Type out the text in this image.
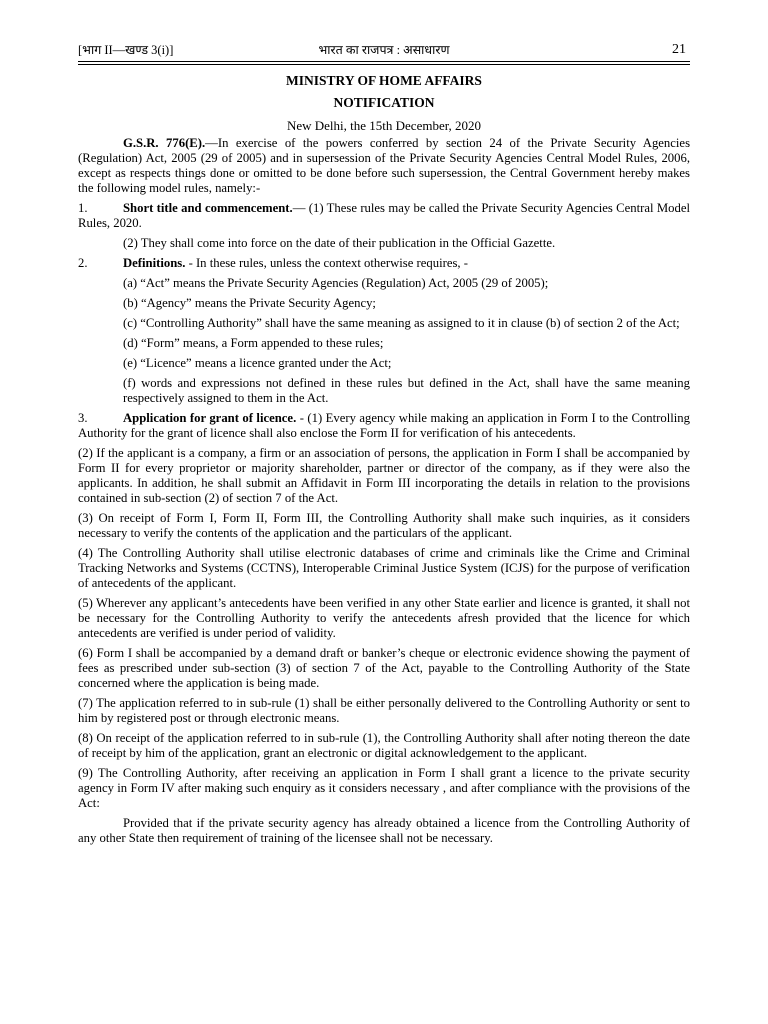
[भाग II—खण्ड 3(i)]	भारत का राजपत्र : असाधारण	21

MINISTRY OF HOME AFFAIRS

NOTIFICATION

New Delhi, the 15th December, 2020

G.S.R. 776(E).—In exercise of the powers conferred by section 24 of the Private Security Agencies (Regulation) Act, 2005 (29 of 2005) and in supersession of the Private Security Agencies Central Model Rules, 2006, except as respects things done or omitted to be done before such supersession, the Central Government hereby makes the following model rules, namely:-

1.	Short title and commencement.— (1) These rules may be called the Private Security Agencies Central Model Rules, 2020.

(2) They shall come into force on the date of their publication in the Official Gazette.

2.	Definitions. - In these rules, unless the context otherwise requires, -

(a) “Act” means the Private Security Agencies (Regulation) Act, 2005 (29 of 2005);

(b) “Agency” means the Private Security Agency;

(c) “Controlling Authority” shall have the same meaning as assigned to it in clause (b) of section 2 of the Act;

(d) “Form” means, a Form appended to these rules;

(e) “Licence” means a licence granted under the Act;

(f) words and expressions not defined in these rules but defined in the Act, shall have the same meaning respectively assigned to them in the Act.

3.	Application for grant of licence. - (1) Every agency while making an application in Form I to the Controlling Authority for the grant of licence shall also enclose the Form II for verification of his antecedents.

(2) If the applicant is a company, a firm or an association of persons, the application in Form I shall be accompanied by Form II for every proprietor or majority shareholder, partner or director of the company, as if they were also the applicants. In addition, he shall submit an Affidavit in Form III incorporating the details in relation to the provisions contained in sub-section (2) of section 7 of the Act.

(3) On receipt of Form I, Form II, Form III, the Controlling Authority shall make such inquiries, as it considers necessary to verify the contents of the application and the particulars of the applicant.

(4) The Controlling Authority shall utilise electronic databases of crime and criminals like the Crime and Criminal Tracking Networks and Systems (CCTNS), Interoperable Criminal Justice System (ICJS) for the purpose of verification of antecedents of the applicant.

(5) Wherever any applicant’s antecedents have been verified in any other State earlier and licence is granted, it shall not be necessary for the Controlling Authority to verify the antecedents afresh provided that the licence for which antecedents are verified is under period of validity.

(6) Form I shall be accompanied by a demand draft or banker’s cheque or electronic evidence showing the payment of fees as prescribed under sub-section (3) of section 7 of the Act, payable to the Controlling Authority of the State concerned where the application is being made.

(7) The application referred to in sub-rule (1) shall be either personally delivered to the Controlling Authority or sent to him by registered post or through electronic means.

(8) On receipt of the application referred to in sub-rule (1), the Controlling Authority shall after noting thereon the date of receipt by him of the application, grant an electronic or digital acknowledgement to the applicant.

(9) The Controlling Authority, after receiving an application in Form I shall grant a licence to the private security agency in Form IV after making such enquiry as it considers necessary , and after compliance with the provisions of the Act:

Provided that if the private security agency has already obtained a licence from the Controlling Authority of any other State then requirement of training of the licensee shall not be necessary.
